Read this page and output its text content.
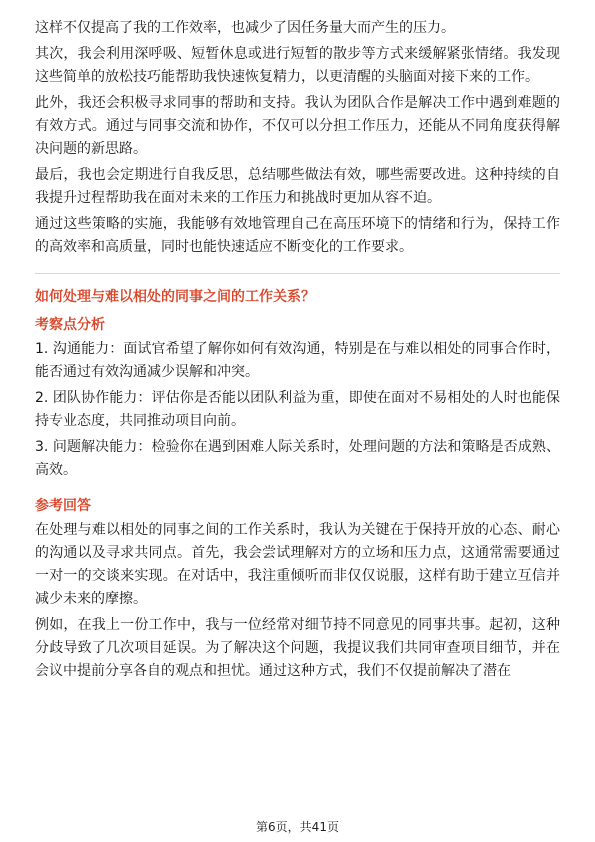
这样不仅提高了我的工作效率，也减少了因任务量大而产生的压力。

其次，我会利用深呼吸、短暂休息或进行短暂的散步等方式来缓解紧张情绪。我发现这些简单的放松技巧能帮助我快速恢复精力，以更清醒的头脑面对接下来的工作。

此外，我还会积极寻求同事的帮助和支持。我认为团队合作是解决工作中遇到难题的有效方式。通过与同事交流和协作，不仅可以分担工作压力，还能从不同角度获得解决问题的新思路。

最后，我也会定期进行自我反思，总结哪些做法有效，哪些需要改进。这种持续的自我提升过程帮助我在面对未来的工作压力和挑战时更加从容不迫。

通过这些策略的实施，我能够有效地管理自己在高压环境下的情绪和行为，保持工作的高效率和高质量，同时也能快速适应不断变化的工作要求。

如何处理与难以相处的同事之间的工作关系？
考察点分析

1. 沟通能力：面试官希望了解你如何有效沟通，特别是在与难以相处的同事合作时，能否通过有效沟通减少误解和冲突。

2. 团队协作能力：评估你是否能以团队利益为重，即使在面对不易相处的人时也能保持专业态度，共同推动项目向前。

3. 问题解决能力：检验你在遇到困难人际关系时，处理问题的方法和策略是否成熟、高效。

参考回答

在处理与难以相处的同事之间的工作关系时，我认为关键在于保持开放的心态、耐心的沟通以及寻求共同点。首先，我会尝试理解对方的立场和压力点，这通常需要通过一对一的交谈来实现。在对话中，我注重倾听而非仅仅说服，这样有助于建立互信并减少未来的摩擦。

例如，在我上一份工作中，我与一位经常对细节持不同意见的同事共事。起初，这种分歧导致了几次项目延误。为了解决这个问题，我提议我们共同审查项目细节，并在会议中提前分享各自的观点和担忧。通过这种方式，我们不仅提前解决了潜在

第6页，共41页
